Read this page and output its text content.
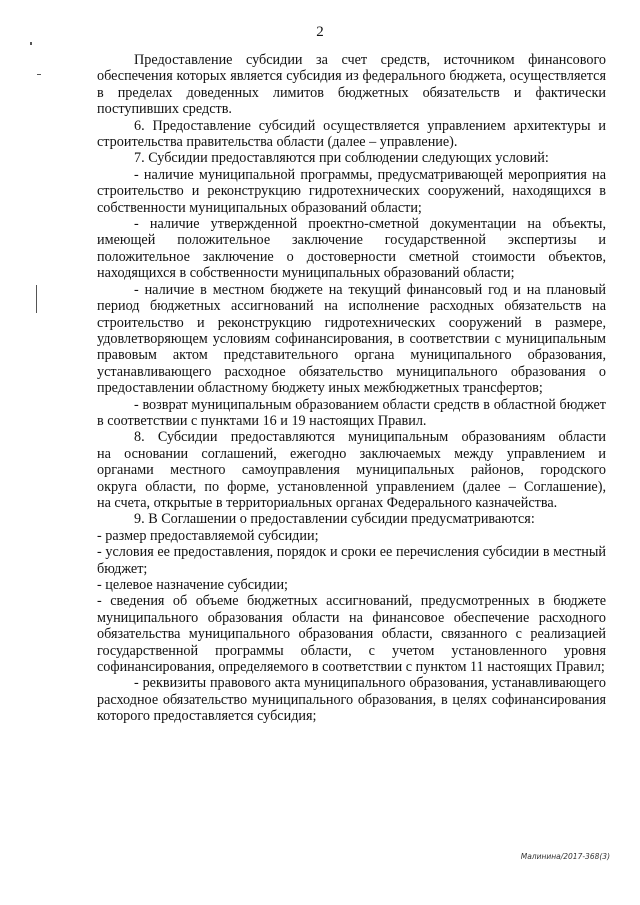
2

Предоставление субсидии за счет средств, источником финансового обеспечения которых является субсидия из федерального бюджета, осуществляется в пределах доведенных лимитов бюджетных обязательств и фактически поступивших средств.

6. Предоставление субсидий осуществляется управлением архитектуры и строительства правительства области (далее – управление).

7. Субсидии предоставляются при соблюдении следующих условий:

- наличие муниципальной программы, предусматривающей мероприятия на строительство и реконструкцию гидротехнических сооружений, находящихся в собственности муниципальных образований области;

- наличие утвержденной проектно-сметной документации на объекты, имеющей положительное заключение государственной экспертизы и положительное заключение о достоверности сметной стоимости объектов, находящихся в собственности муниципальных образований области;

- наличие в местном бюджете на текущий финансовый год и на плановый период бюджетных ассигнований на исполнение расходных обязательств на строительство и реконструкцию гидротехнических сооружений в размере, удовлетворяющем условиям софинансирования, в соответствии с муниципальным правовым актом представительного органа муниципального образования, устанавливающего расходное обязательство муниципального образования о предоставлении областному бюджету иных межбюджетных трансфертов;

- возврат муниципальным образованием области средств в областной бюджет в соответствии с пунктами 16 и 19 настоящих Правил.

8. Субсидии предоставляются муниципальным образованиям области
на основании соглашений, ежегодно заключаемых между управлением и
органами местного самоуправления муниципальных районов, городского
округа области, по форме, установленной управлением (далее – Соглашение),
на счета, открытые в территориальных органах Федерального казначейства.

9. В Соглашении о предоставлении субсидии предусматриваются:

- размер предоставляемой субсидии;

- условия ее предоставления, порядок и сроки ее перечисления субсидии в местный бюджет;

- целевое назначение субсидии;

- сведения об объеме бюджетных ассигнований, предусмотренных в бюджете муниципального образования области на финансовое обеспечение расходного обязательства муниципального образования области, связанного с реализацией государственной программы области, с учетом установленного уровня софинансирования, определяемого в соответствии с пунктом 11 настоящих Правил;

- реквизиты правового акта муниципального образования, устанавливающего расходное обязательство муниципального образования, в целях софинансирования которого предоставляется субсидия;

Малинина/2017-368(3)
